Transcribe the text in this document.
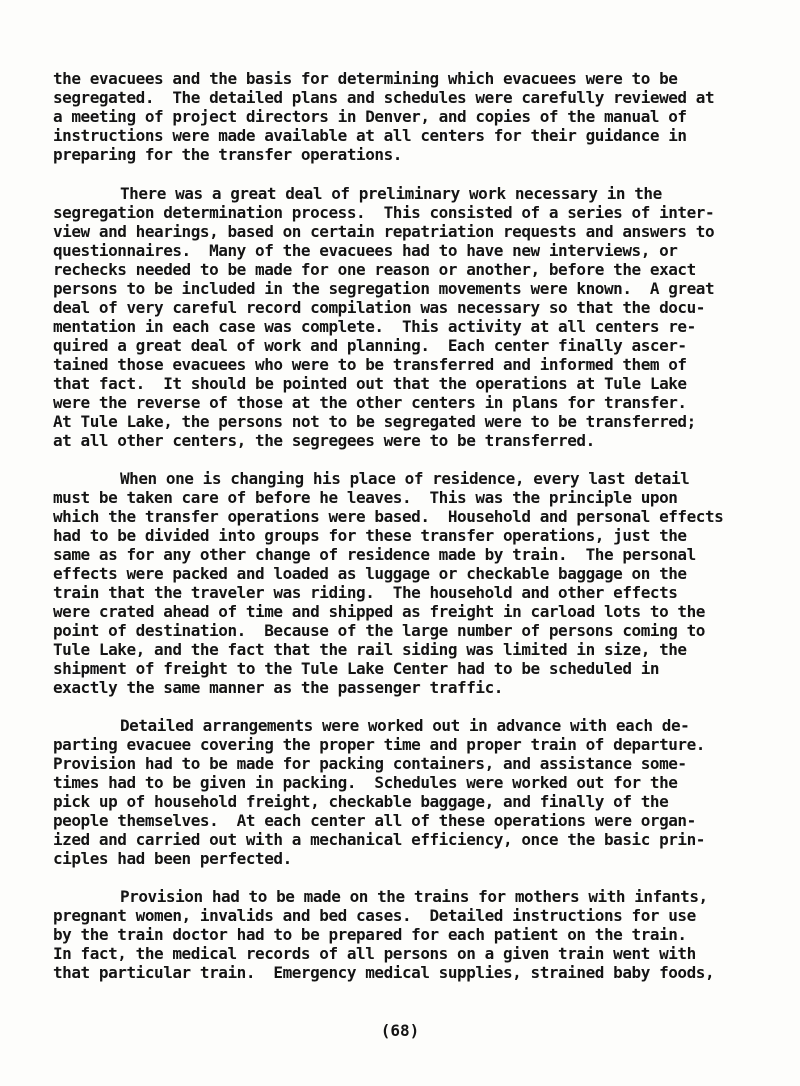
the evacuees and the basis for determining which evacuees were to be
segregated.  The detailed plans and schedules were carefully reviewed at
a meeting of project directors in Denver, and copies of the manual of
instructions were made available at all centers for their guidance in
preparing for the transfer operations.
There was a great deal of preliminary work necessary in the
segregation determination process.  This consisted of a series of inter-
view and hearings, based on certain repatriation requests and answers to
questionnaires.  Many of the evacuees had to have new interviews, or
rechecks needed to be made for one reason or another, before the exact
persons to be included in the segregation movements were known.  A great
deal of very careful record compilation was necessary so that the docu-
mentation in each case was complete.  This activity at all centers re-
quired a great deal of work and planning.  Each center finally ascer-
tained those evacuees who were to be transferred and informed them of
that fact.  It should be pointed out that the operations at Tule Lake
were the reverse of those at the other centers in plans for transfer.
At Tule Lake, the persons not to be segregated were to be transferred;
at all other centers, the segregees were to be transferred.
When one is changing his place of residence, every last detail
must be taken care of before he leaves.  This was the principle upon
which the transfer operations were based.  Household and personal effects
had to be divided into groups for these transfer operations, just the
same as for any other change of residence made by train.  The personal
effects were packed and loaded as luggage or checkable baggage on the
train that the traveler was riding.  The household and other effects
were crated ahead of time and shipped as freight in carload lots to the
point of destination.  Because of the large number of persons coming to
Tule Lake, and the fact that the rail siding was limited in size, the
shipment of freight to the Tule Lake Center had to be scheduled in
exactly the same manner as the passenger traffic.
Detailed arrangements were worked out in advance with each de-
parting evacuee covering the proper time and proper train of departure.
Provision had to be made for packing containers, and assistance some-
times had to be given in packing.  Schedules were worked out for the
pick up of household freight, checkable baggage, and finally of the
people themselves.  At each center all of these operations were organ-
ized and carried out with a mechanical efficiency, once the basic prin-
ciples had been perfected.
Provision had to be made on the trains for mothers with infants,
pregnant women, invalids and bed cases.  Detailed instructions for use
by the train doctor had to be prepared for each patient on the train.
In fact, the medical records of all persons on a given train went with
that particular train.  Emergency medical supplies, strained baby foods,
(68)
